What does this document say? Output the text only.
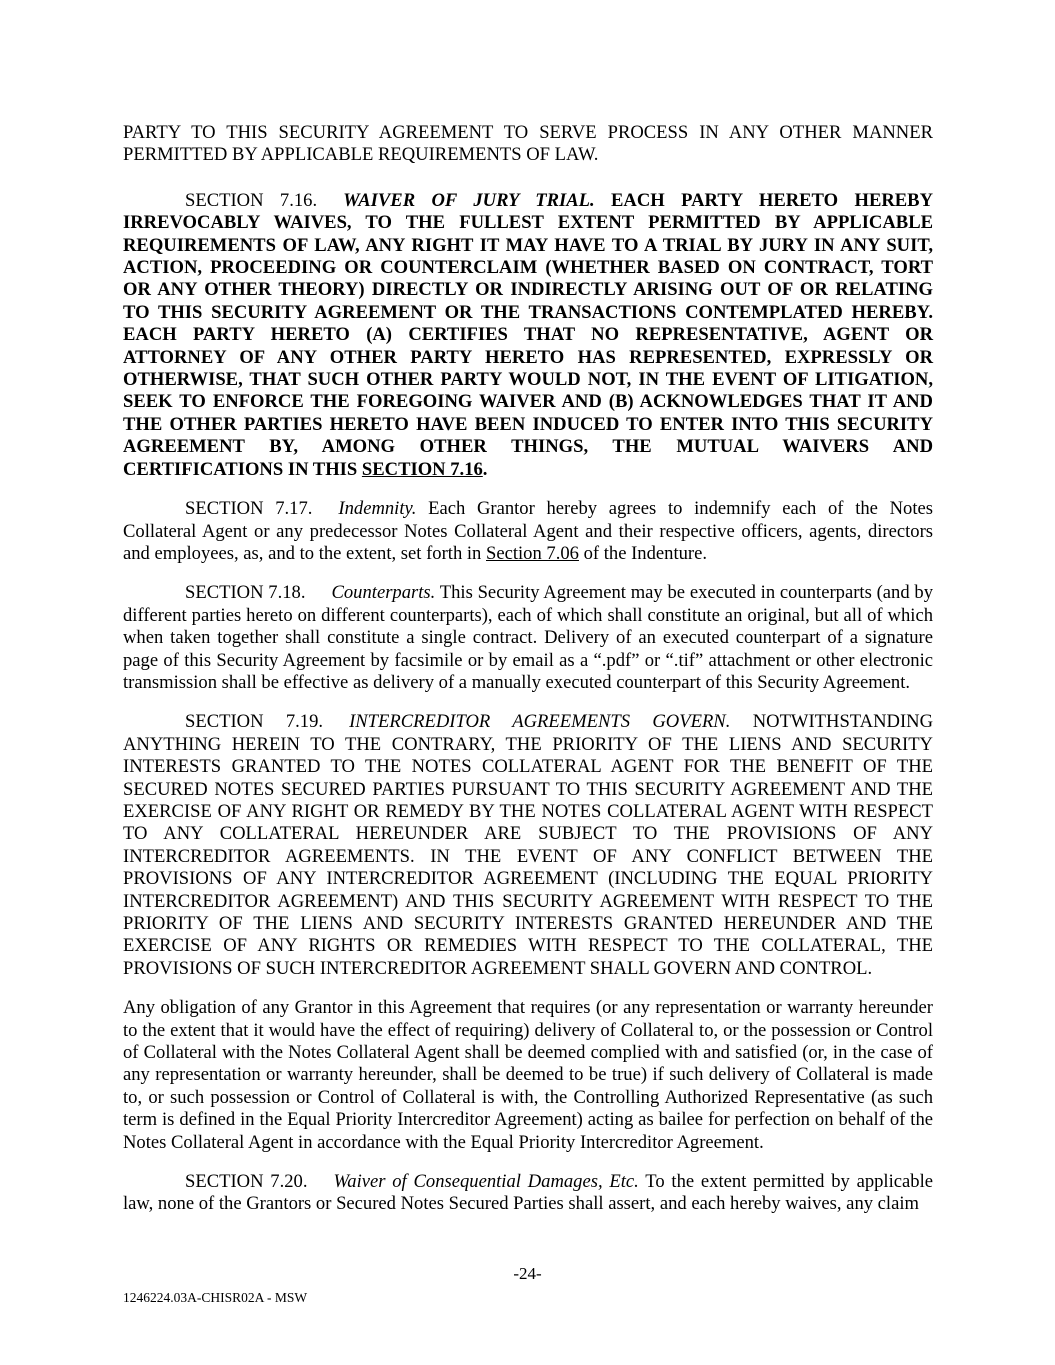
PARTY TO THIS SECURITY AGREEMENT TO SERVE PROCESS IN ANY OTHER MANNER PERMITTED BY APPLICABLE REQUIREMENTS OF LAW.

SECTION 7.16. WAIVER OF JURY TRIAL. EACH PARTY HERETO HEREBY IRREVOCABLY WAIVES, TO THE FULLEST EXTENT PERMITTED BY APPLICABLE REQUIREMENTS OF LAW, ANY RIGHT IT MAY HAVE TO A TRIAL BY JURY IN ANY SUIT, ACTION, PROCEEDING OR COUNTERCLAIM (WHETHER BASED ON CONTRACT, TORT OR ANY OTHER THEORY) DIRECTLY OR INDIRECTLY ARISING OUT OF OR RELATING TO THIS SECURITY AGREEMENT OR THE TRANSACTIONS CONTEMPLATED HEREBY. EACH PARTY HERETO (A) CERTIFIES THAT NO REPRESENTATIVE, AGENT OR ATTORNEY OF ANY OTHER PARTY HERETO HAS REPRESENTED, EXPRESSLY OR OTHERWISE, THAT SUCH OTHER PARTY WOULD NOT, IN THE EVENT OF LITIGATION, SEEK TO ENFORCE THE FOREGOING WAIVER AND (B) ACKNOWLEDGES THAT IT AND THE OTHER PARTIES HERETO HAVE BEEN INDUCED TO ENTER INTO THIS SECURITY AGREEMENT BY, AMONG OTHER THINGS, THE MUTUAL WAIVERS AND CERTIFICATIONS IN THIS SECTION 7.16.

SECTION 7.17. Indemnity. Each Grantor hereby agrees to indemnify each of the Notes Collateral Agent or any predecessor Notes Collateral Agent and their respective officers, agents, directors and employees, as, and to the extent, set forth in Section 7.06 of the Indenture.

SECTION 7.18. Counterparts. This Security Agreement may be executed in counterparts (and by different parties hereto on different counterparts), each of which shall constitute an original, but all of which when taken together shall constitute a single contract. Delivery of an executed counterpart of a signature page of this Security Agreement by facsimile or by email as a “.pdf” or “.tif” attachment or other electronic transmission shall be effective as delivery of a manually executed counterpart of this Security Agreement.

SECTION 7.19. INTERCREDITOR AGREEMENTS GOVERN. NOTWITHSTANDING ANYTHING HEREIN TO THE CONTRARY, THE PRIORITY OF THE LIENS AND SECURITY INTERESTS GRANTED TO THE NOTES COLLATERAL AGENT FOR THE BENEFIT OF THE SECURED NOTES SECURED PARTIES PURSUANT TO THIS SECURITY AGREEMENT AND THE EXERCISE OF ANY RIGHT OR REMEDY BY THE NOTES COLLATERAL AGENT WITH RESPECT TO ANY COLLATERAL HEREUNDER ARE SUBJECT TO THE PROVISIONS OF ANY INTERCREDITOR AGREEMENTS. IN THE EVENT OF ANY CONFLICT BETWEEN THE PROVISIONS OF ANY INTERCREDITOR AGREEMENT (INCLUDING THE EQUAL PRIORITY INTERCREDITOR AGREEMENT) AND THIS SECURITY AGREEMENT WITH RESPECT TO THE PRIORITY OF THE LIENS AND SECURITY INTERESTS GRANTED HEREUNDER AND THE EXERCISE OF ANY RIGHTS OR REMEDIES WITH RESPECT TO THE COLLATERAL, THE PROVISIONS OF SUCH INTERCREDITOR AGREEMENT SHALL GOVERN AND CONTROL.

Any obligation of any Grantor in this Agreement that requires (or any representation or warranty hereunder to the extent that it would have the effect of requiring) delivery of Collateral to, or the possession or Control of Collateral with the Notes Collateral Agent shall be deemed complied with and satisfied (or, in the case of any representation or warranty hereunder, shall be deemed to be true) if such delivery of Collateral is made to, or such possession or Control of Collateral is with, the Controlling Authorized Representative (as such term is defined in the Equal Priority Intercreditor Agreement) acting as bailee for perfection on behalf of the Notes Collateral Agent in accordance with the Equal Priority Intercreditor Agreement.

SECTION 7.20. Waiver of Consequential Damages, Etc. To the extent permitted by applicable law, none of the Grantors or Secured Notes Secured Parties shall assert, and each hereby waives, any claim

-24-
1246224.03A-CHISR02A - MSW
